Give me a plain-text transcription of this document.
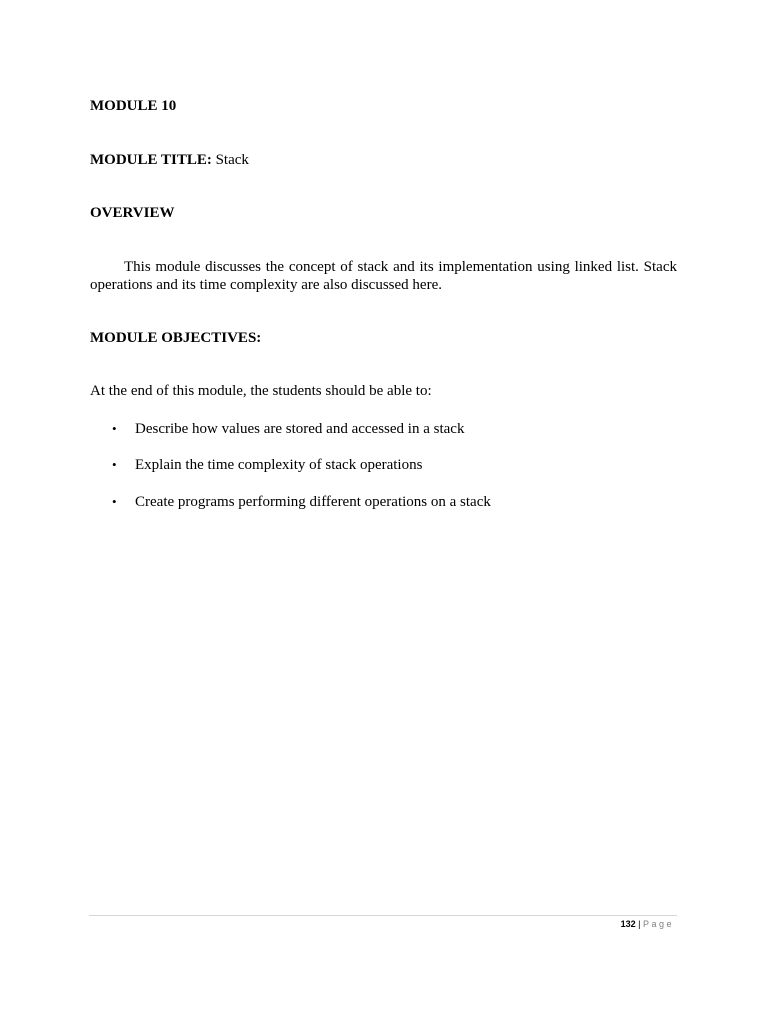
MODULE 10
MODULE TITLE: Stack
OVERVIEW
This module discusses the concept of stack and its implementation using linked list. Stack operations and its time complexity are also discussed here.
MODULE OBJECTIVES:
At the end of this module, the students should be able to:
• Describe how values are stored and accessed in a stack
• Explain the time complexity of stack operations
• Create programs performing different operations on a stack
132 | Page
